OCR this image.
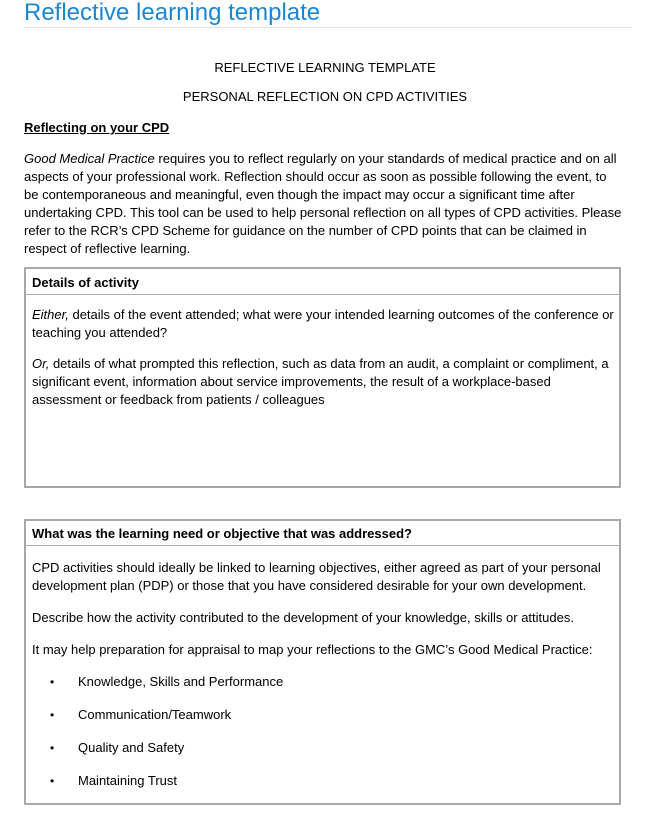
Reflective learning template
REFLECTIVE LEARNING TEMPLATE
PERSONAL REFLECTION ON CPD ACTIVITIES
Reflecting on your CPD

Good Medical Practice requires you to reflect regularly on your standards of medical practice and on all aspects of your professional work. Reflection should occur as soon as possible following the event, to be contemporaneous and meaningful, even though the impact may occur a significant time after undertaking CPD. This tool can be used to help personal reflection on all types of CPD activities. Please refer to the RCR’s CPD Scheme for guidance on the number of CPD points that can be claimed in respect of reflective learning.

Details of activity

Either, details of the event attended; what were your intended learning outcomes of the conference or teaching you attended?

Or, details of what prompted this reflection, such as data from an audit, a complaint or compliment, a significant event, information about service improvements, the result of a workplace-based assessment or feedback from patients / colleagues

What was the learning need or objective that was addressed?

CPD activities should ideally be linked to learning objectives, either agreed as part of your personal development plan (PDP) or those that you have considered desirable for your own development.

Describe how the activity contributed to the development of your knowledge, skills or attitudes.

It may help preparation for appraisal to map your reflections to the GMC’s Good Medical Practice:

• Knowledge, Skills and Performance
• Communication/Teamwork
• Quality and Safety
• Maintaining Trust
